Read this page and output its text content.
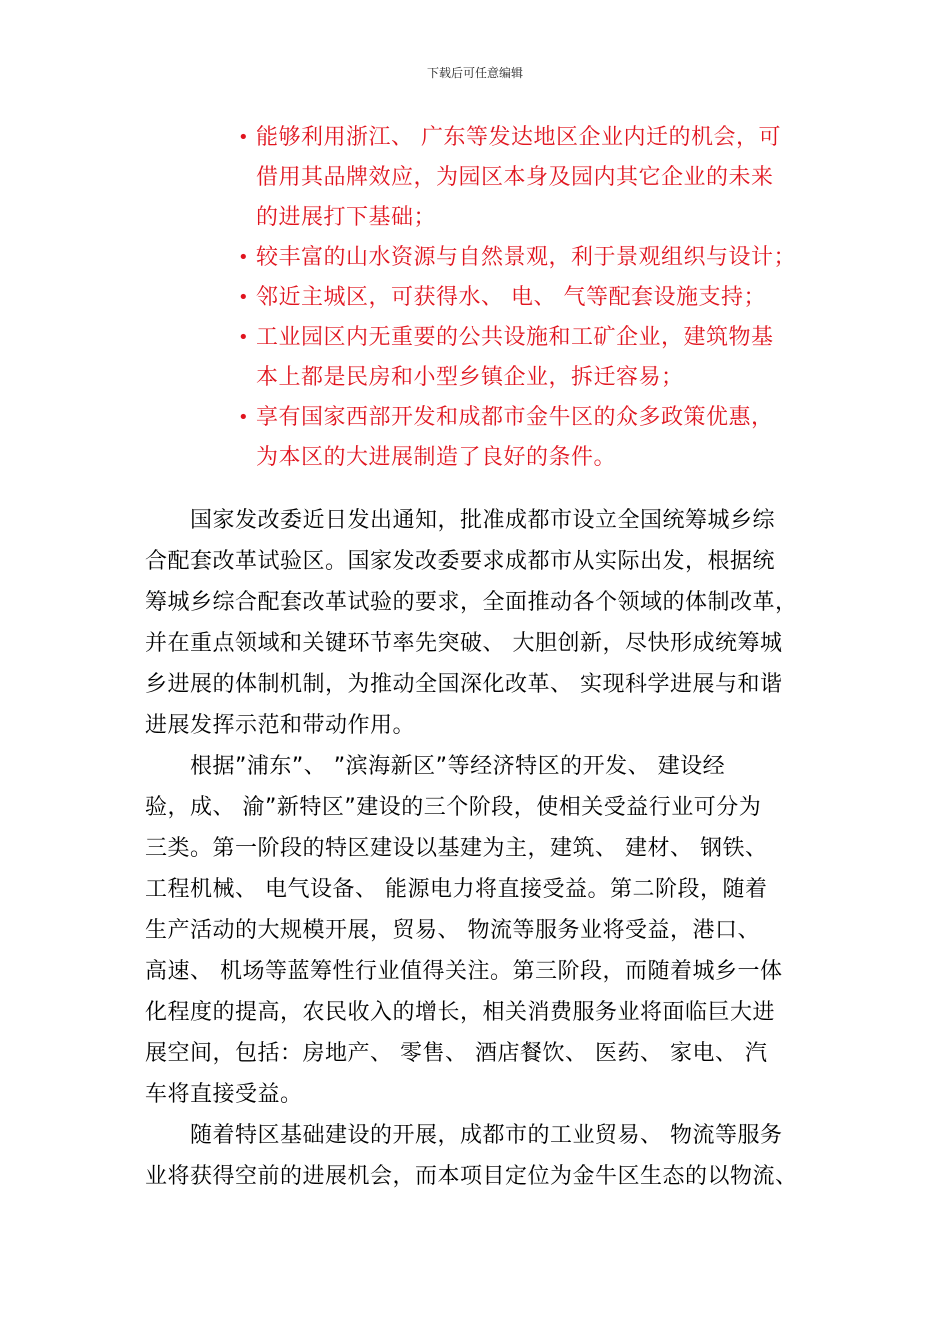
下载后可任意编辑
• 能够利用浙江、 广东等发达地区企业内迁的机会，可
借用其品牌效应，为园区本身及园内其它企业的未来
的进展打下基础；
• 较丰富的山水资源与自然景观，利于景观组织与设计；
• 邻近主城区，可获得水、 电、 气等配套设施支持；
• 工业园区内无重要的公共设施和工矿企业，建筑物基
本上都是民房和小型乡镇企业，拆迁容易；
• 享有国家西部开发和成都市金牛区的众多政策优惠，
为本区的大进展制造了良好的条件。
国家发改委近日发出通知，批准成都市设立全国统筹城乡综
合配套改革试验区。国家发改委要求成都市从实际出发，根据统
筹城乡综合配套改革试验的要求，全面推动各个领域的体制改革，
并在重点领域和关键环节率先突破、 大胆创新，尽快形成统筹城
乡进展的体制机制，为推动全国深化改革、 实现科学进展与和谐
进展发挥示范和带动作用。
根据”浦东”、 ”滨海新区”等经济特区的开发、 建设经
验，成、 渝”新特区”建设的三个阶段，使相关受益行业可分为
三类。第一阶段的特区建设以基建为主，建筑、 建材、 钢铁、
工程机械、 电气设备、 能源电力将直接受益。第二阶段，随着
生产活动的大规模开展，贸易、 物流等服务业将受益，港口、
高速、 机场等蓝筹性行业值得关注。第三阶段，而随着城乡一体
化程度的提高，农民收入的增长，相关消费服务业将面临巨大进
展空间，包括：房地产、 零售、 酒店餐饮、 医药、 家电、 汽
车将直接受益。
随着特区基础建设的开展，成都市的工业贸易、 物流等服务
业将获得空前的进展机会，而本项目定位为金牛区生态的以物流、
